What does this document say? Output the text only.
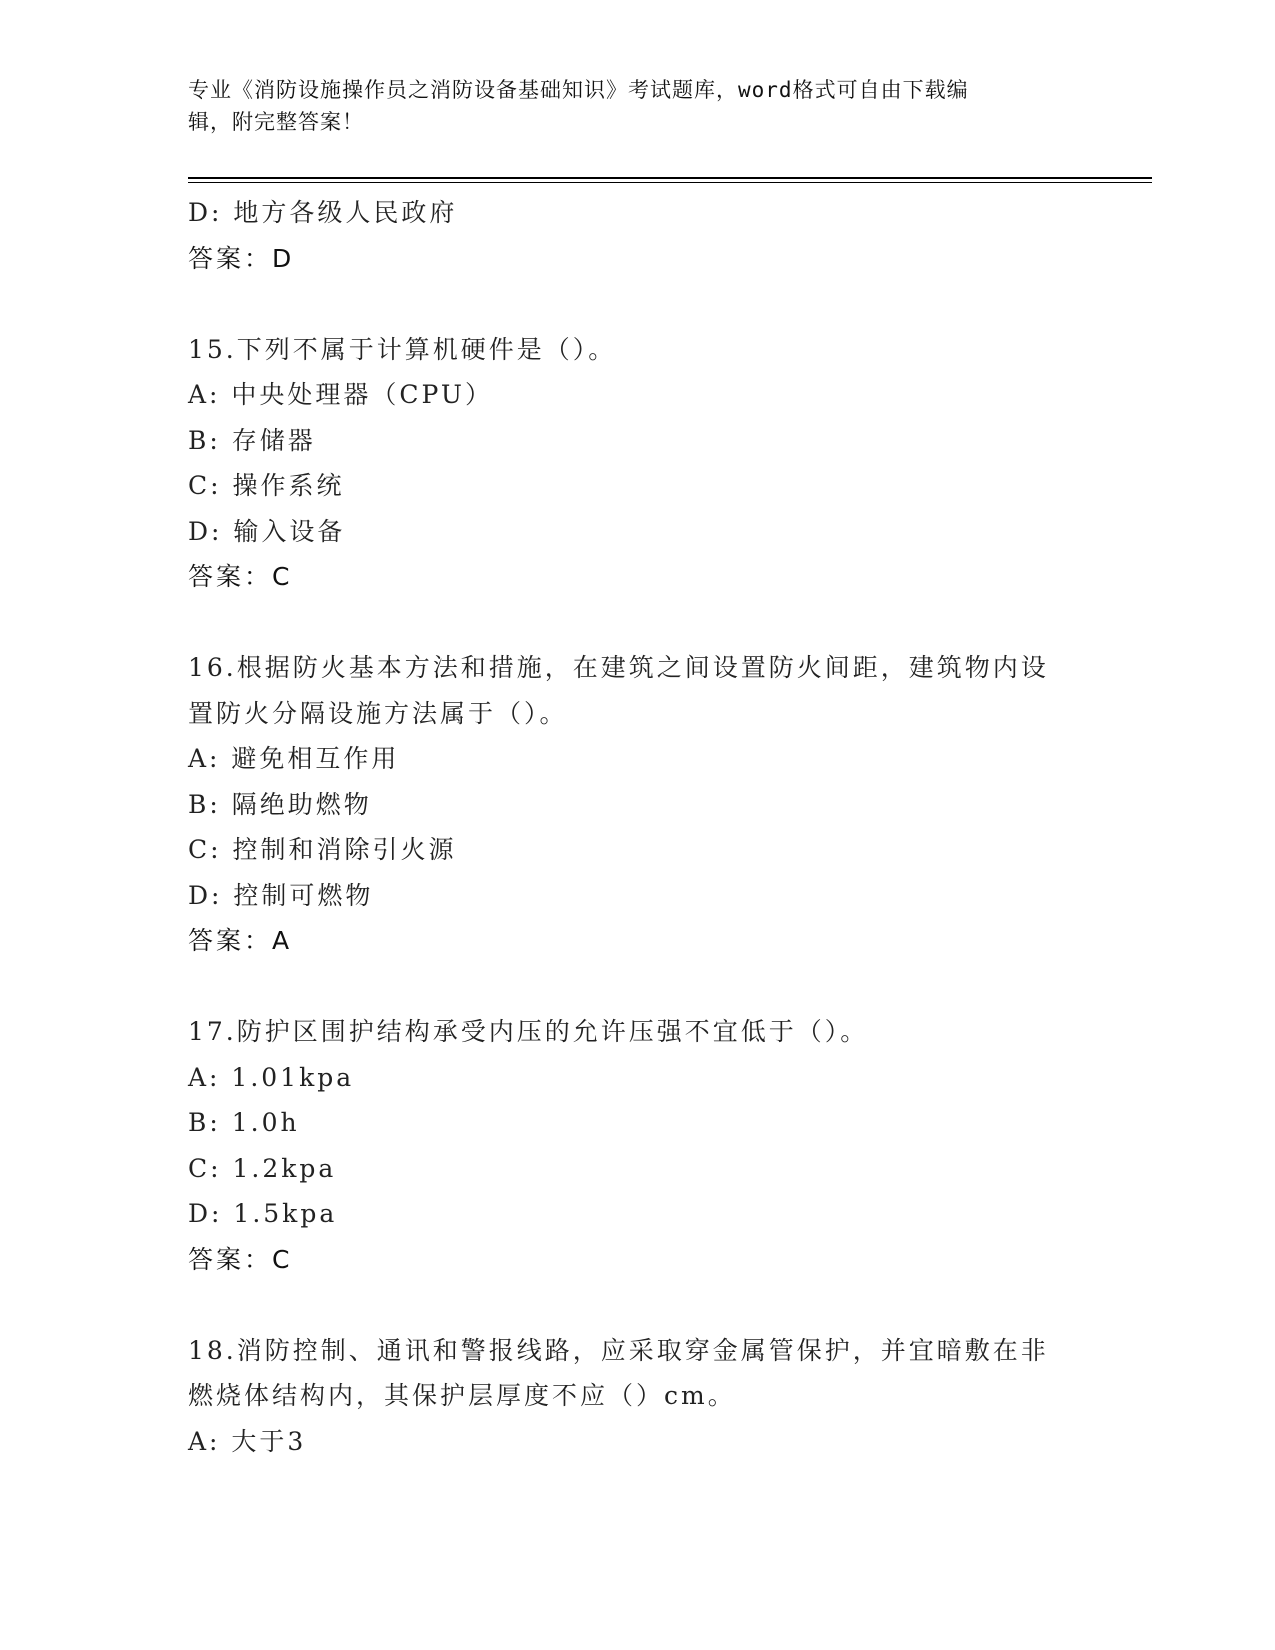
专业《消防设施操作员之消防设备基础知识》考试题库，word格式可自由下载编
辑，附完整答案！
D: 地方各级人民政府
答案：D
15.下列不属于计算机硬件是（）。
A: 中央处理器（CPU）
B: 存储器
C: 操作系统
D: 输入设备
答案：C
16.根据防火基本方法和措施，在建筑之间设置防火间距，建筑物内设
置防火分隔设施方法属于（）。
A: 避免相互作用
B: 隔绝助燃物
C: 控制和消除引火源
D: 控制可燃物
答案：A
17.防护区围护结构承受内压的允许压强不宜低于（）。
A: 1.01kpa
B: 1.0h
C: 1.2kpa
D: 1.5kpa
答案：C
18.消防控制、通讯和警报线路，应采取穿金属管保护，并宜暗敷在非
燃烧体结构内，其保护层厚度不应（）cm。
A: 大于3
